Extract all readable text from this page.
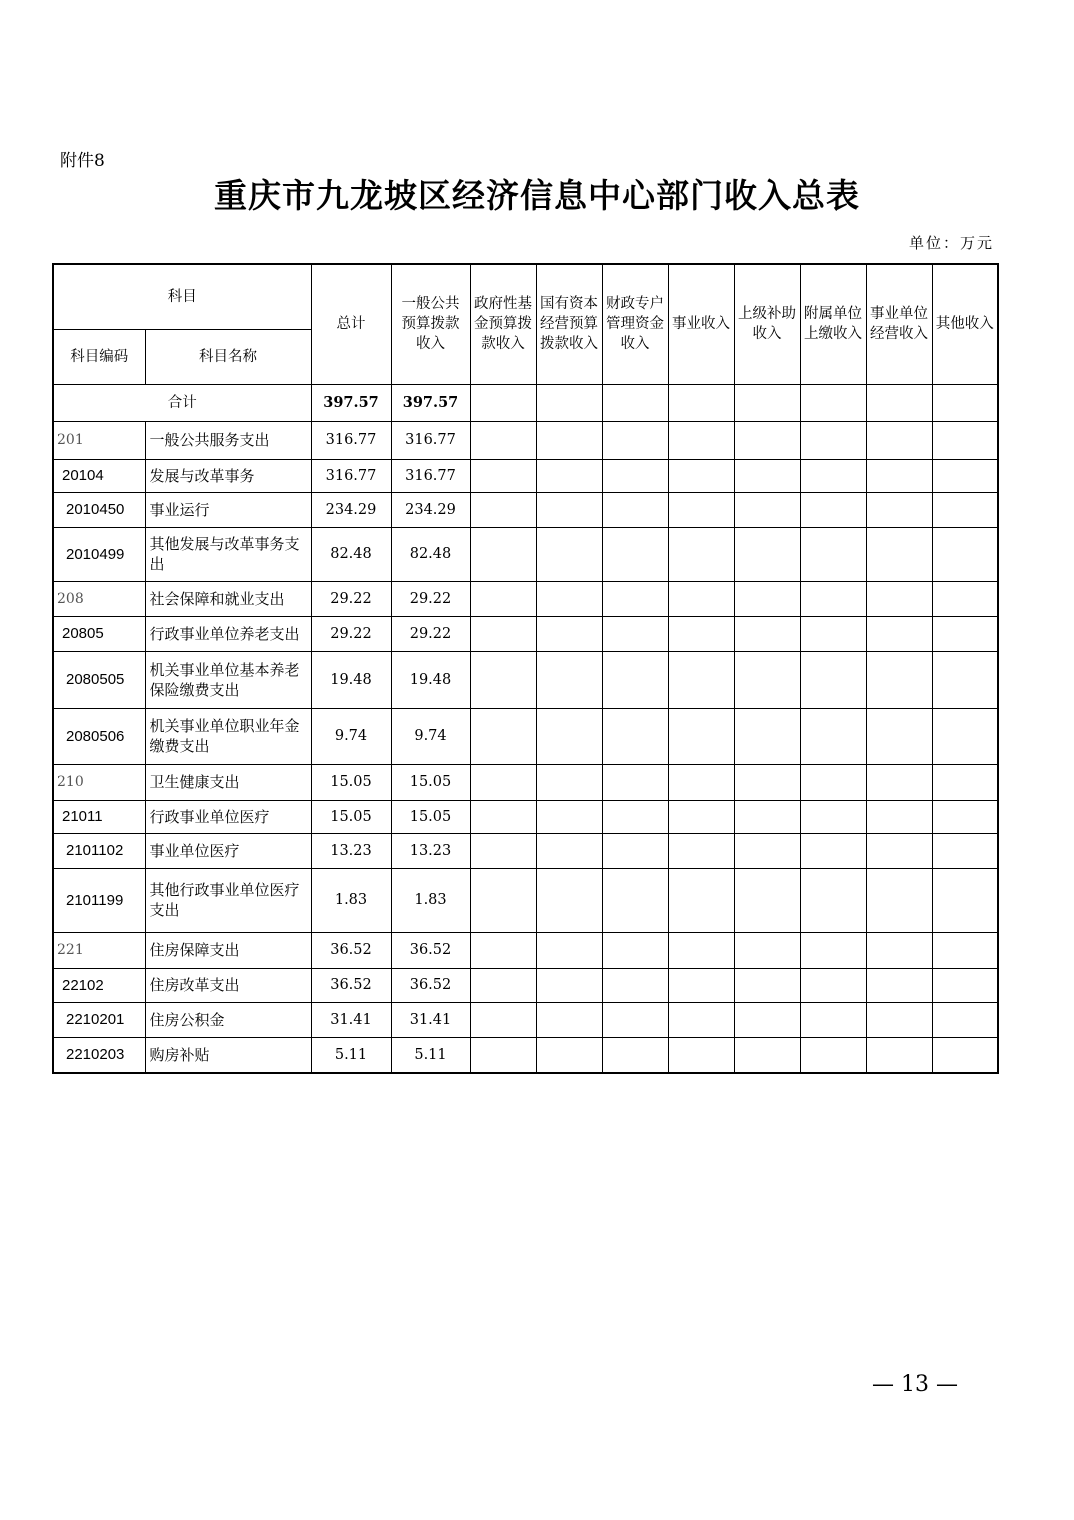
附件8
重庆市九龙坡区经济信息中心部门收入总表
单位：万元
科目		总计	一般公共预算拨款收入	政府性基金预算拨款收入	国有资本经营预算拨款收入	财政专户管理资金收入	事业收入	上级补助收入	附属单位上缴收入	事业单位经营收入	其他收入
科目编码	科目名称										
合计		397.57	397.57								
201	一般公共服务支出	316.77	316.77								
20104	发展与改革事务	316.77	316.77								
2010450	事业运行	234.29	234.29								
2010499	其他发展与改革事务支出	82.48	82.48								
208	社会保障和就业支出	29.22	29.22								
20805	行政事业单位养老支出	29.22	29.22								
2080505	机关事业单位基本养老保险缴费支出	19.48	19.48								
2080506	机关事业单位职业年金缴费支出	9.74	9.74								
210	卫生健康支出	15.05	15.05								
21011	行政事业单位医疗	15.05	15.05								
2101102	事业单位医疗	13.23	13.23								
2101199	其他行政事业单位医疗支出	1.83	1.83								
221	住房保障支出	36.52	36.52								
22102	住房改革支出	36.52	36.52								
2210201	住房公积金	31.41	31.41								
2210203	购房补贴	5.11	5.11								
— 13 —
